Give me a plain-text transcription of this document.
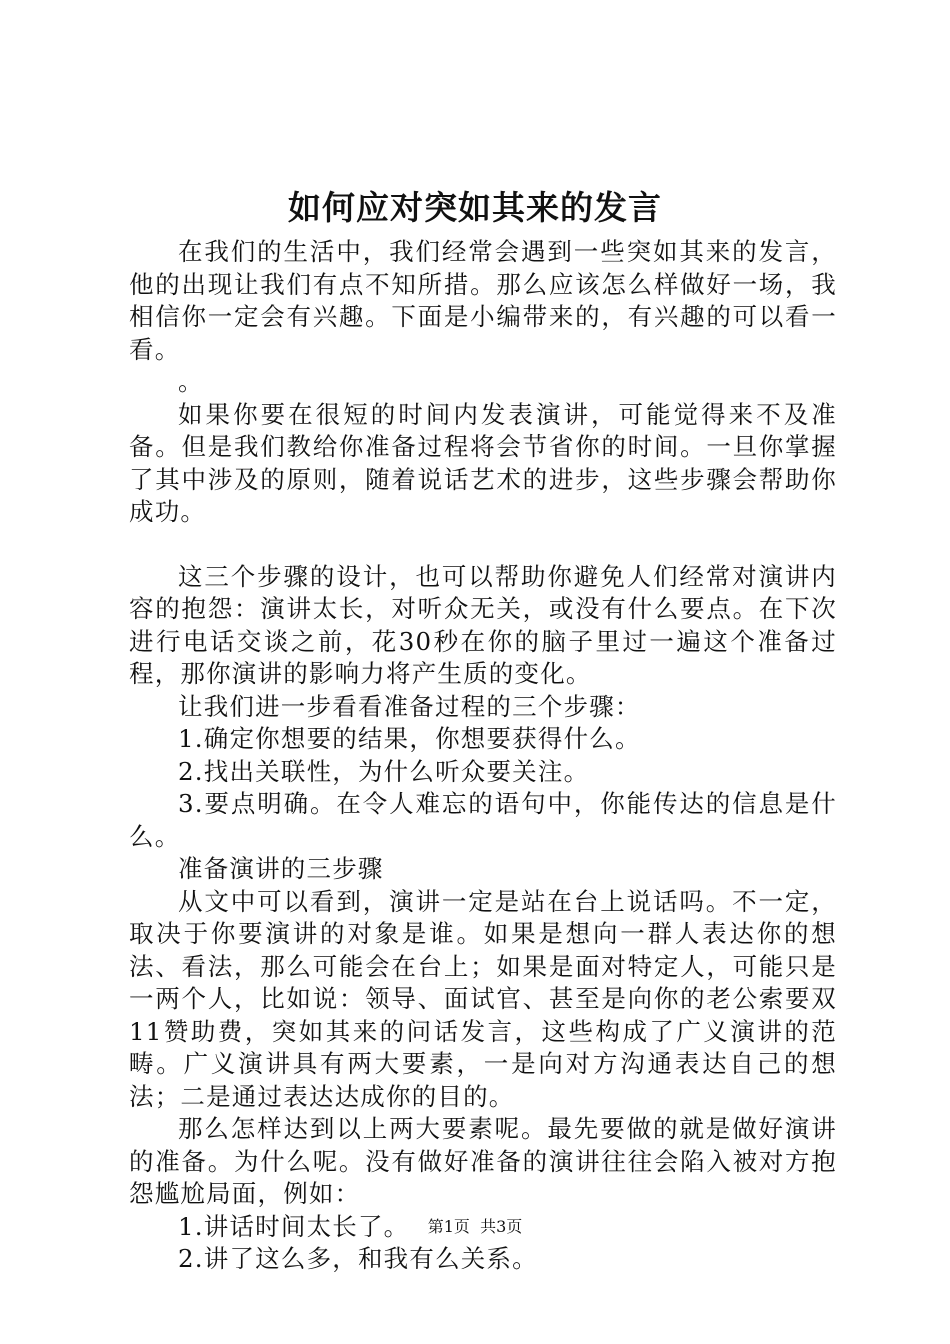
如何应对突如其来的发言

在我们的生活中，我们经常会遇到一些突如其来的发言，他的出现让我们有点不知所措。那么应该怎么样做好一场，我相信你一定会有兴趣。下面是小编带来的，有兴趣的可以看一看。

。

如果你要在很短的时间内发表演讲，可能觉得来不及准备。但是我们教给你准备过程将会节省你的时间。一旦你掌握了其中涉及的原则，随着说话艺术的进步，这些步骤会帮助你成功。

这三个步骤的设计，也可以帮助你避免人们经常对演讲内容的抱怨：演讲太长，对听众无关，或没有什么要点。在下次进行电话交谈之前，花30秒在你的脑子里过一遍这个准备过程，那你演讲的影响力将产生质的变化。

让我们进一步看看准备过程的三个步骤：

1.确定你想要的结果，你想要获得什么。

2.找出关联性，为什么听众要关注。

3.要点明确。在令人难忘的语句中，你能传达的信息是什么。

准备演讲的三步骤

从文中可以看到，演讲一定是站在台上说话吗。不一定，取决于你要演讲的对象是谁。如果是想向一群人表达你的想法、看法，那么可能会在台上；如果是面对特定人，可能只是一两个人，比如说：领导、面试官、甚至是向你的老公索要双11赞助费，突如其来的问话发言，这些构成了广义演讲的范畴。广义演讲具有两大要素，一是向对方沟通表达自己的想法；二是通过表达达成你的目的。

那么怎样达到以上两大要素呢。最先要做的就是做好演讲的准备。为什么呢。没有做好准备的演讲往往会陷入被对方抱怨尴尬局面，例如：

1.讲话时间太长了。

2.讲了这么多，和我有么关系。

第1页 共3页
